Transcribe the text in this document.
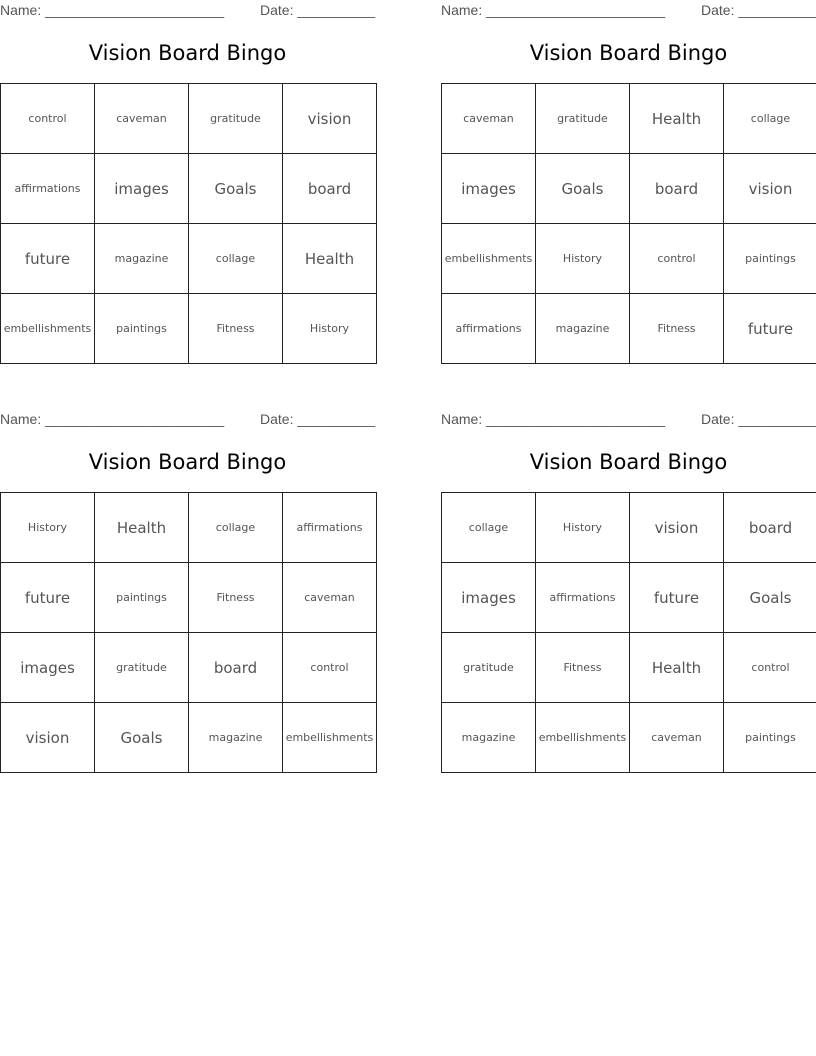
Name: _______________________	Date: __________
Vision Board Bingo
control	caveman	gratitude	vision
affirmations	images	Goals	board
future	magazine	collage	Health
embellishments	paintings	Fitness	History
Name: _______________________	Date: __________
Vision Board Bingo
caveman	gratitude	Health	collage
images	Goals	board	vision
embellishments	History	control	paintings
affirmations	magazine	Fitness	future
Name: _______________________	Date: __________
Vision Board Bingo
History	Health	collage	affirmations
future	paintings	Fitness	caveman
images	gratitude	board	control
vision	Goals	magazine	embellishments
Name: _______________________	Date: __________
Vision Board Bingo
collage	History	vision	board
images	affirmations	future	Goals
gratitude	Fitness	Health	control
magazine	embellishments	caveman	paintings
